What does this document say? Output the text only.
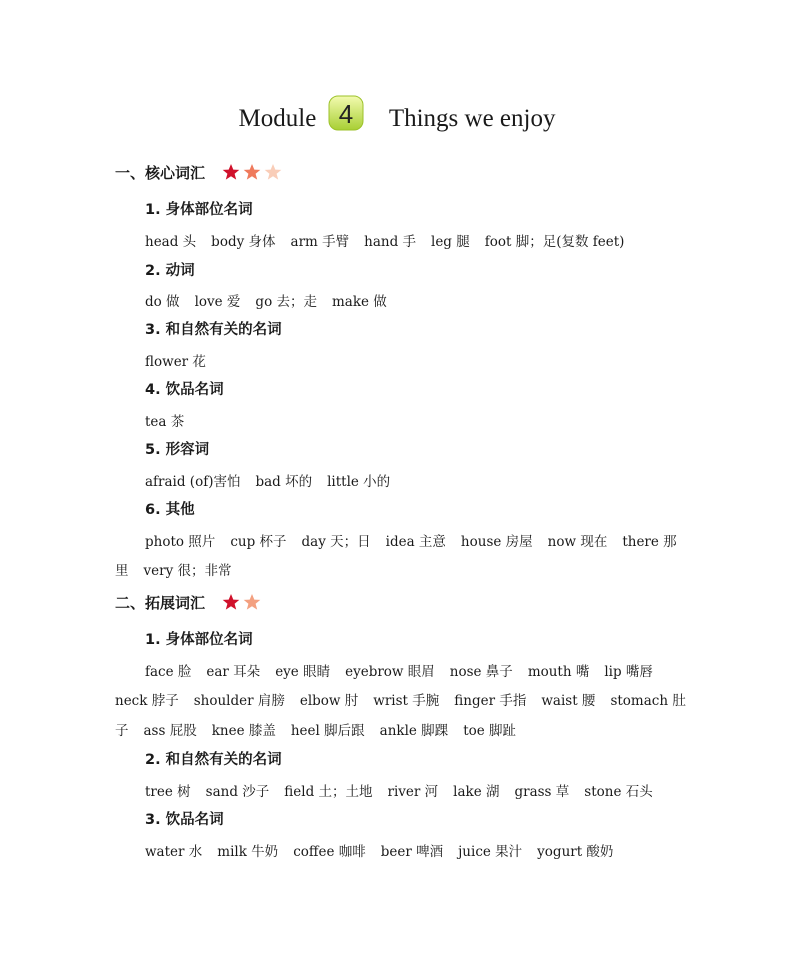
Module 4 Things we enjoy
一、核心词汇
1. 身体部位名词
head 头 body 身体 arm 手臂 hand 手 leg 腿 foot 脚；足(复数 feet)
2. 动词
do 做 love 爱 go 去；走 make 做
3. 和自然有关的名词
flower 花
4. 饮品名词
tea 茶
5. 形容词
afraid (of)害怕 bad 坏的 little 小的
6. 其他
photo 照片 cup 杯子 day 天；日 idea 主意 house 房屋 now 现在 there 那
里 very 很；非常
二、拓展词汇
1. 身体部位名词
face 脸 ear 耳朵 eye 眼睛 eyebrow 眼眉 nose 鼻子 mouth 嘴 lip 嘴唇
neck 脖子 shoulder 肩膀 elbow 肘 wrist 手腕 finger 手指 waist 腰 stomach 肚
子 ass 屁股 knee 膝盖 heel 脚后跟 ankle 脚踝 toe 脚趾
2. 和自然有关的名词
tree 树 sand 沙子 field 土；土地 river 河 lake 湖 grass 草 stone 石头
3. 饮品名词
water 水 milk 牛奶 coffee 咖啡 beer 啤酒 juice 果汁 yogurt 酸奶
